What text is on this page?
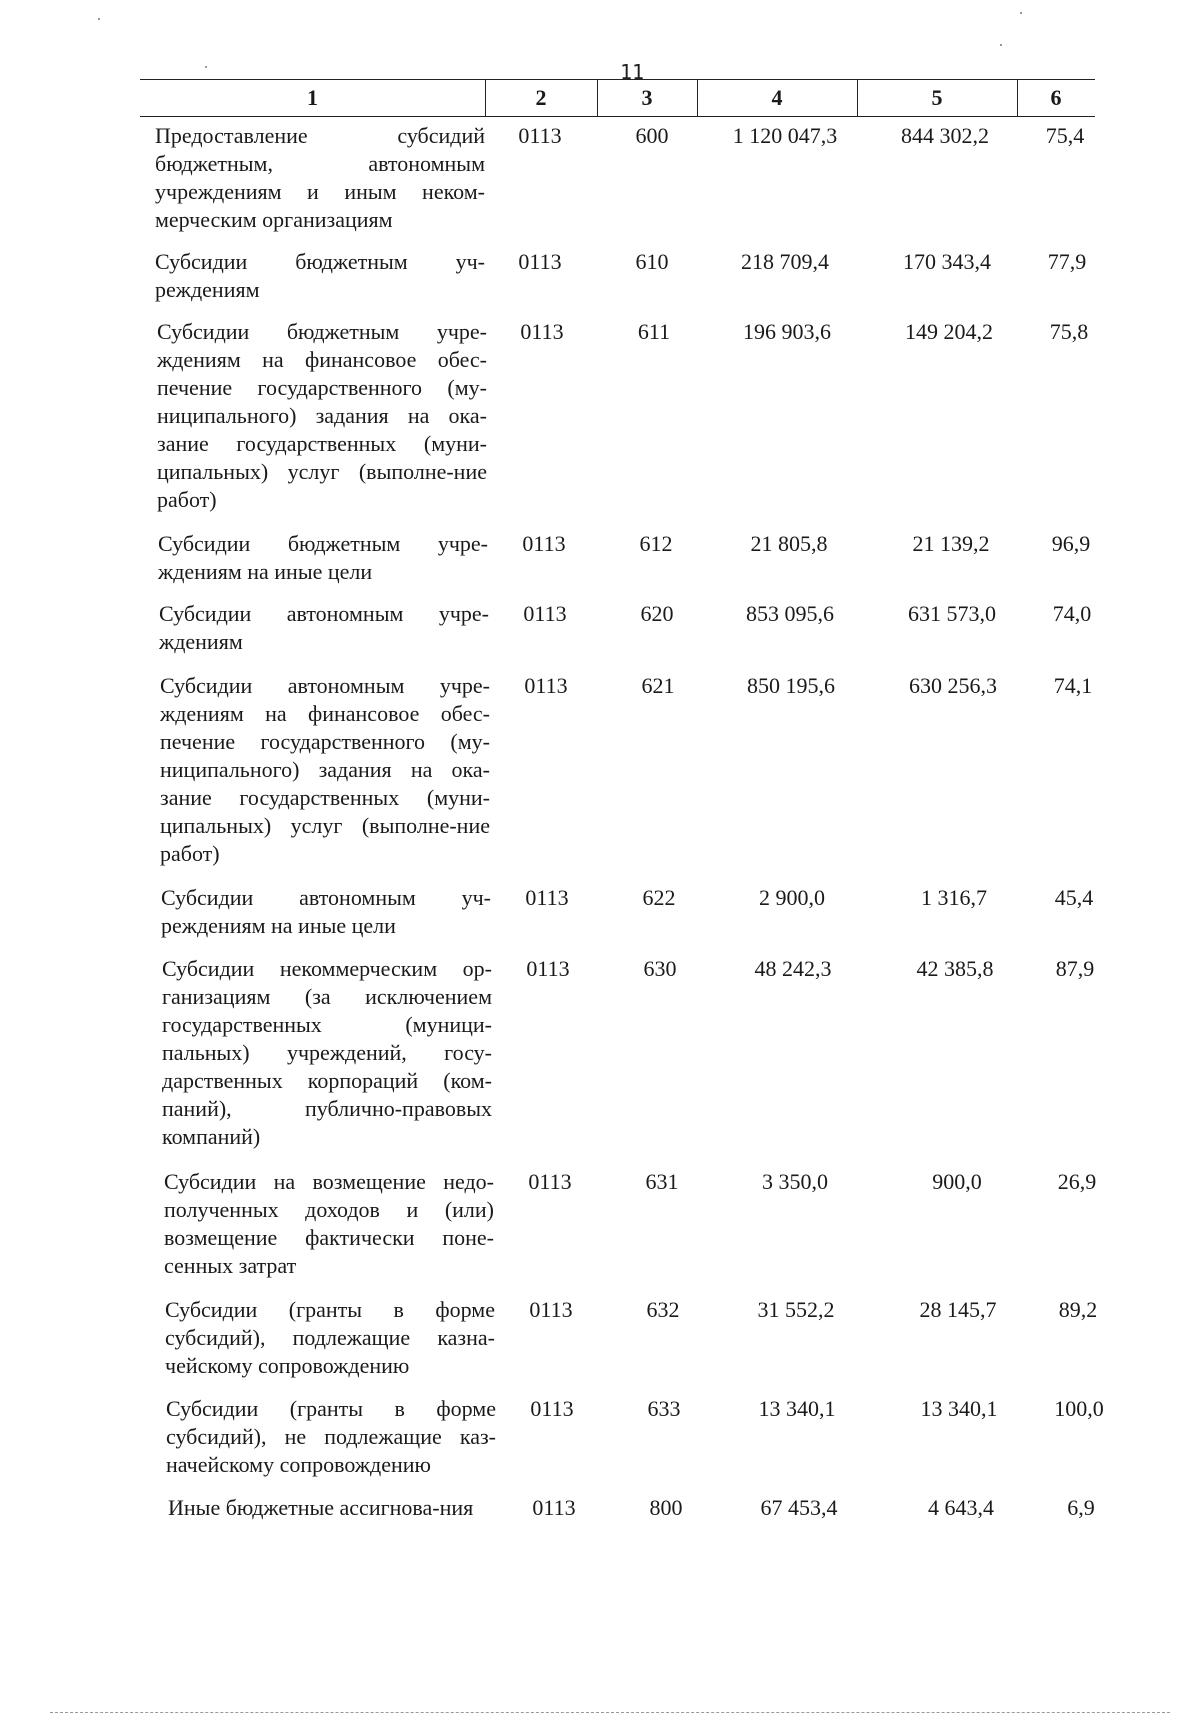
11
1	2	3	4	5	6
Предоставление субсидий бюджетным, автономным учреждениям и иным неком-мерческим организациям
0113	600	1 120 047,3	844 302,2	75,4
Субсидии бюджетным уч-реждениям
0113	610	218 709,4	170 343,4	77,9
Субсидии бюджетным учре-ждениям на финансовое обес-печение государственного (му-ниципального) задания на ока-зание государственных (муни-ципальных) услуг (выполне-ние работ)
0113	611	196 903,6	149 204,2	75,8
Субсидии бюджетным учре-ждениям на иные цели
0113	612	21 805,8	21 139,2	96,9
Субсидии автономным учре-ждениям
0113	620	853 095,6	631 573,0	74,0
Субсидии автономным учре-ждениям на финансовое обес-печение государственного (му-ниципального) задания на ока-зание государственных (муни-ципальных) услуг (выполне-ние работ)
0113	621	850 195,6	630 256,3	74,1
Субсидии автономным уч-реждениям на иные цели
0113	622	2 900,0	1 316,7	45,4
Субсидии некоммерческим ор-ганизациям (за исключением государственных (муници-пальных) учреждений, госу-дарственных корпораций (ком-паний), публично-правовых компаний)
0113	630	48 242,3	42 385,8	87,9
Субсидии на возмещение недо-полученных доходов и (или) возмещение фактически поне-сенных затрат
0113	631	3 350,0	900,0	26,9
Субсидии (гранты в форме субсидий), подлежащие казна-чейскому сопровождению
0113	632	31 552,2	28 145,7	89,2
Субсидии (гранты в форме субсидий), не подлежащие каз-начейскому сопровождению
0113	633	13 340,1	13 340,1	100,0
Иные бюджетные ассигнова-ния	0113	800	67 453,4	4 643,4	6,9
